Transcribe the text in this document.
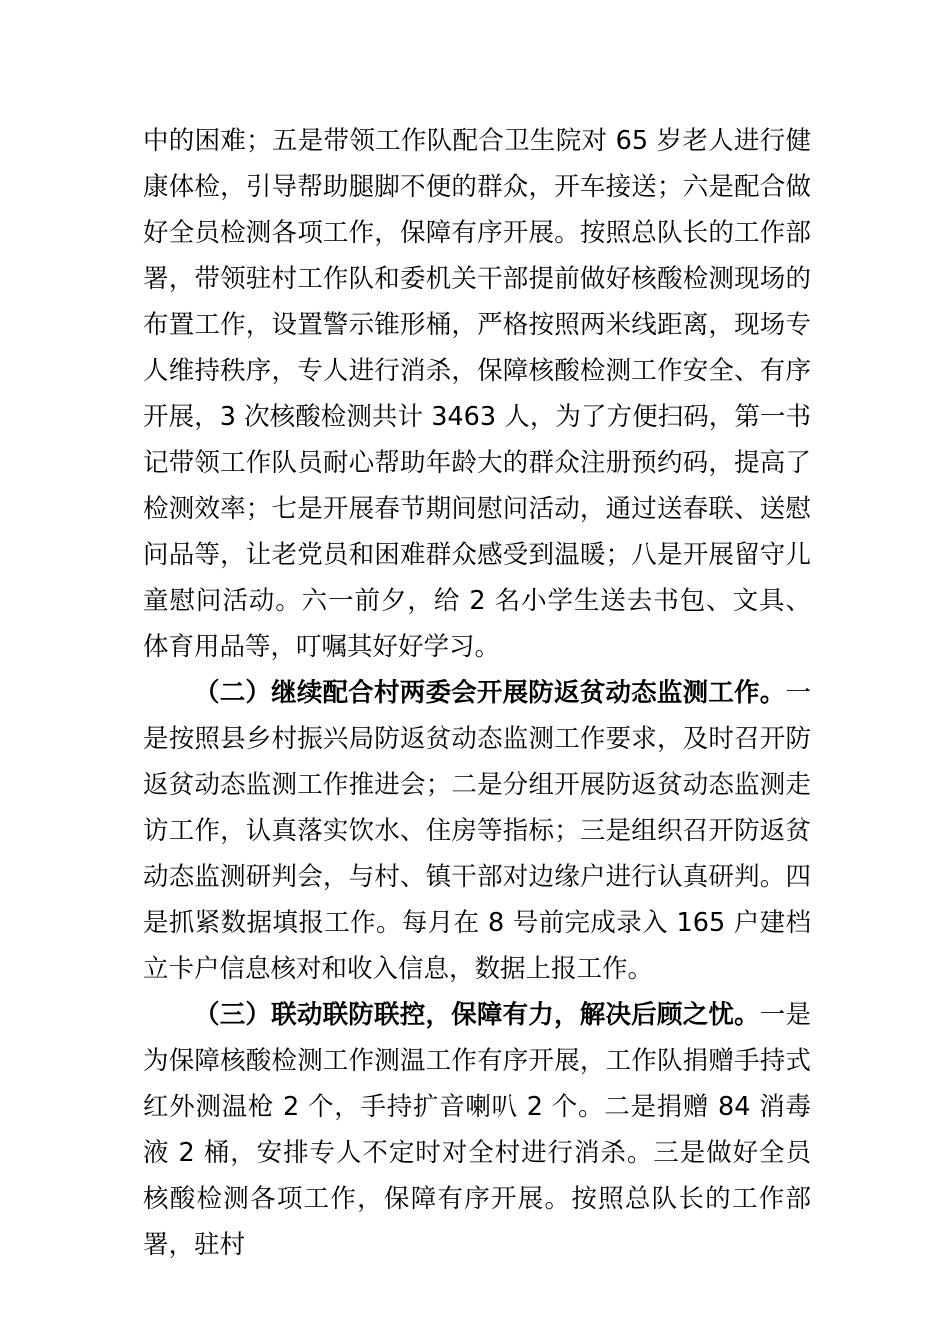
中的困难；五是带领工作队配合卫生院对 65 岁老人进行健康体检，引导帮助腿脚不便的群众，开车接送；六是配合做好全员检测各项工作，保障有序开展。按照总队长的工作部署，带领驻村工作队和委机关干部提前做好核酸检测现场的布置工作，设置警示锥形桶，严格按照两米线距离，现场专人维持秩序，专人进行消杀，保障核酸检测工作安全、有序开展，3 次核酸检测共计 3463 人，为了方便扫码，第一书记带领工作队员耐心帮助年龄大的群众注册预约码，提高了检测效率；七是开展春节期间慰问活动，通过送春联、送慰问品等，让老党员和困难群众感受到温暖；八是开展留守儿童慰问活动。六一前夕，给 2 名小学生送去书包、文具、体育用品等，叮嘱其好好学习。

（二）继续配合村两委会开展防返贫动态监测工作。一是按照县乡村振兴局防返贫动态监测工作要求，及时召开防返贫动态监测工作推进会；二是分组开展防返贫动态监测走访工作，认真落实饮水、住房等指标；三是组织召开防返贫动态监测研判会，与村、镇干部对边缘户进行认真研判。四是抓紧数据填报工作。每月在 8 号前完成录入 165 户建档立卡户信息核对和收入信息，数据上报工作。

（三）联动联防联控，保障有力，解决后顾之忧。一是 为保障核酸检测工作测温工作有序开展，工作队捐赠手持式红外测温枪 2 个，手持扩音喇叭 2 个。二是捐赠 84 消毒液 2 桶，安排专人不定时对全村进行消杀。三是做好全员核酸检测各项工作，保障有序开展。按照总队长的工作部署，驻村
